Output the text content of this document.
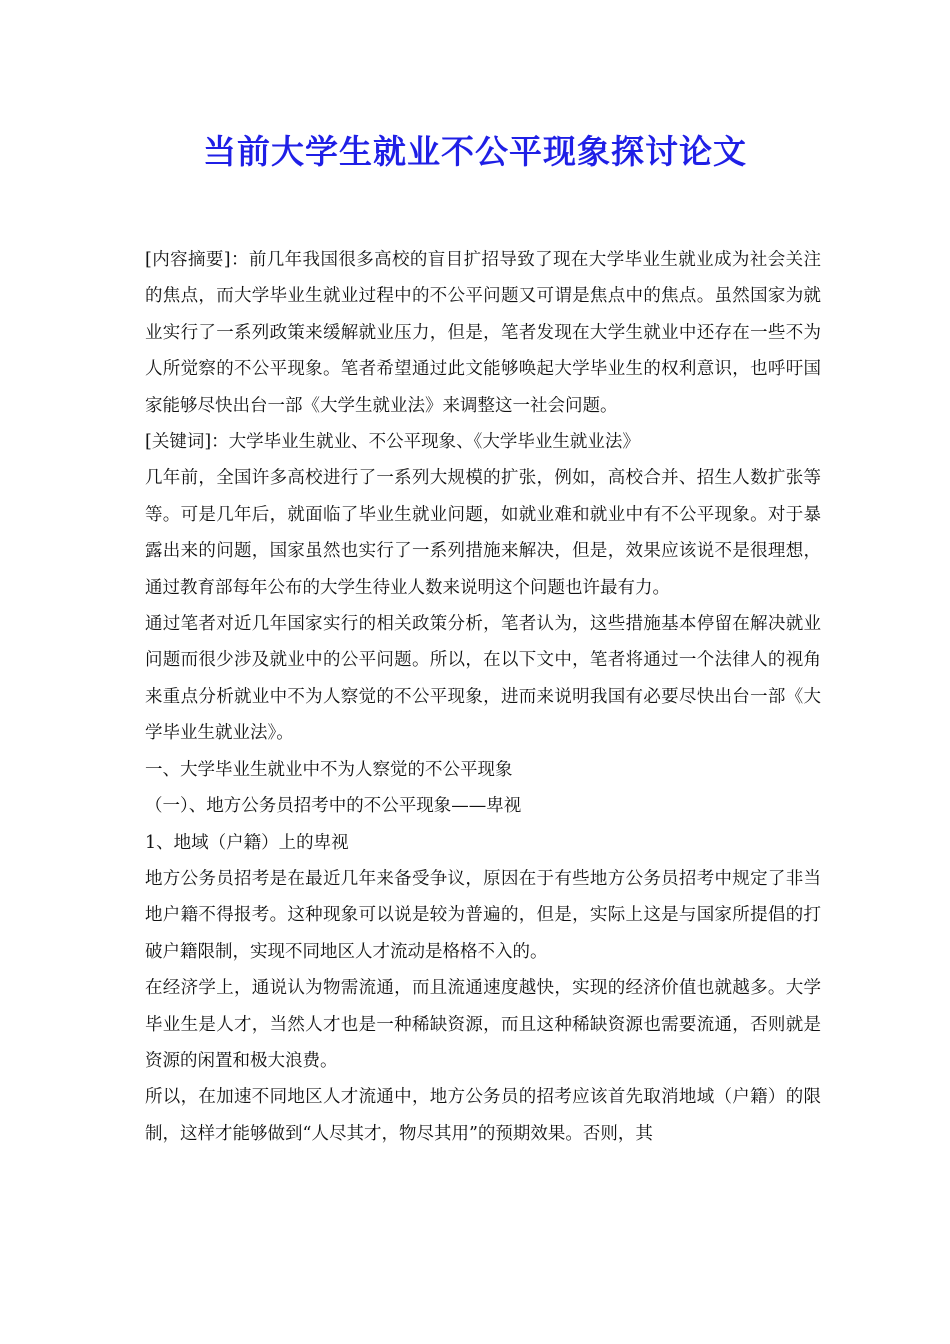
当前大学生就业不公平现象探讨论文

[内容摘要]：前几年我国很多高校的盲目扩招导致了现在大学毕业生就业成为社会关注的焦点，而大学毕业生就业过程中的不公平问题又可谓是焦点中的焦点。虽然国家为就业实行了一系列政策来缓解就业压力，但是，笔者发现在大学生就业中还存在一些不为人所觉察的不公平现象。笔者希望通过此文能够唤起大学毕业生的权利意识，也呼吁国家能够尽快出台一部《大学生就业法》来调整这一社会问题。

[关键词]：大学毕业生就业、不公平现象、《大学毕业生就业法》

几年前，全国许多高校进行了一系列大规模的扩张，例如，高校合并、招生人数扩张等等。可是几年后，就面临了毕业生就业问题，如就业难和就业中有不公平现象。对于暴露出来的问题，国家虽然也实行了一系列措施来解决，但是，效果应该说不是很理想，通过教育部每年公布的大学生待业人数来说明这个问题也许最有力。

通过笔者对近几年国家实行的相关政策分析，笔者认为，这些措施基本停留在解决就业问题而很少涉及就业中的公平问题。所以，在以下文中，笔者将通过一个法律人的视角来重点分析就业中不为人察觉的不公平现象，进而来说明我国有必要尽快出台一部《大学毕业生就业法》。

一、大学毕业生就业中不为人察觉的不公平现象

（一）、地方公务员招考中的不公平现象——卑视

1、地域（户籍）上的卑视

地方公务员招考是在最近几年来备受争议，原因在于有些地方公务员招考中规定了非当地户籍不得报考。这种现象可以说是较为普遍的，但是，实际上这是与国家所提倡的打破户籍限制，实现不同地区人才流动是格格不入的。

在经济学上，通说认为物需流通，而且流通速度越快，实现的经济价值也就越多。大学毕业生是人才，当然人才也是一种稀缺资源，而且这种稀缺资源也需要流通，否则就是资源的闲置和极大浪费。

所以，在加速不同地区人才流通中，地方公务员的招考应该首先取消地域（户籍）的限制，这样才能够做到“人尽其才，物尽其用”的预期效果。否则，其
